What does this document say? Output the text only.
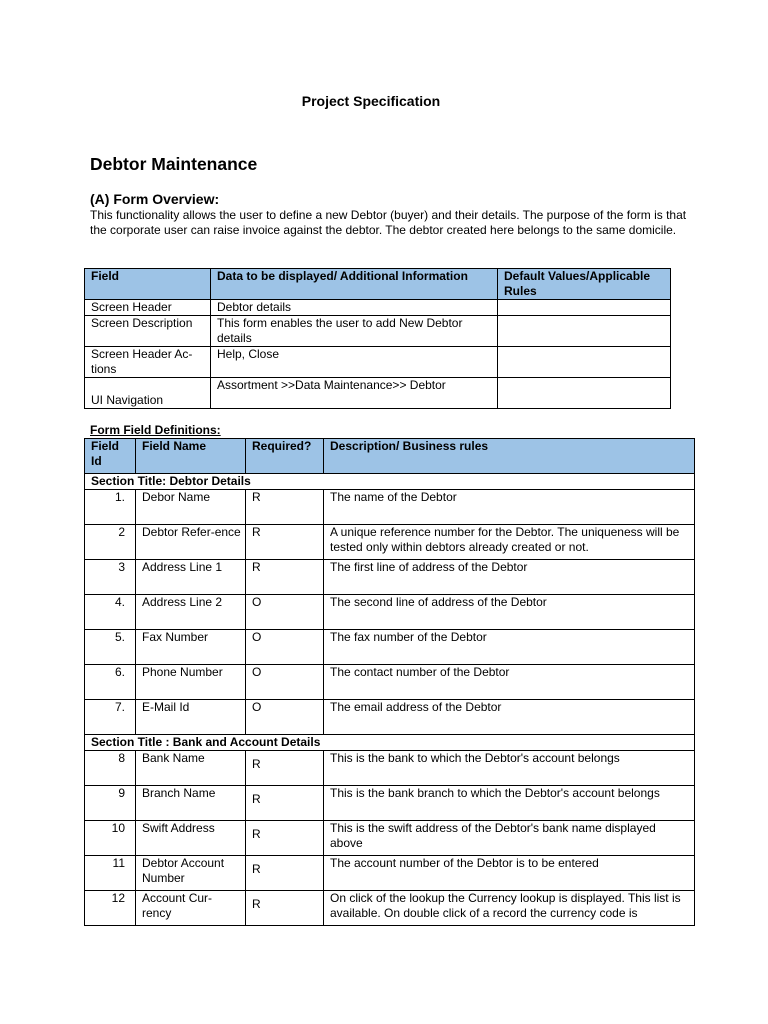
Project Specification
Debtor Maintenance
(A) Form Overview:
This functionality allows the user to define a new Debtor (buyer) and their details. The purpose of the form is that the corporate user can raise invoice against the debtor. The debtor created here belongs to the same domicile.
Field	Data to be displayed/ Additional Information	Default Values/Applicable Rules
Screen Header	Debtor details	
Screen Description	This form enables the user to add New Debtor details	
Screen Header Ac-tions	Help, Close	
UI Navigation	Assortment >>Data Maintenance>> Debtor	
Form Field Definitions:
Field Id	Field Name	Required?	Description/ Business rules
Section Title: Debtor Details			
1.	Debor Name	R	The name of the Debtor
2	Debtor Refer-ence	R	A unique reference number for the Debtor. The uniqueness will be tested only within debtors already created or not.
3	Address Line 1	R	The first line of address of the Debtor
4.	Address Line 2	O	The second line of address of the Debtor
5.	Fax Number	O	The fax number of the Debtor
6.	Phone Number	O	The contact number of the Debtor
7.	E-Mail Id	O	The email address of the Debtor
Section Title : Bank and Account Details			
8	Bank Name	R	This is the bank to which the Debtor's account belongs
9	Branch Name	R	This is the bank branch to which the Debtor's account belongs
10	Swift Address	R	This is the swift address of the Debtor's bank name displayed above
11	Debtor Account Number	R	The account number of the Debtor is to be entered
12	Account Cur-rency	R	On click of the lookup the Currency lookup is displayed. This list is available. On double click of a record the currency code is
